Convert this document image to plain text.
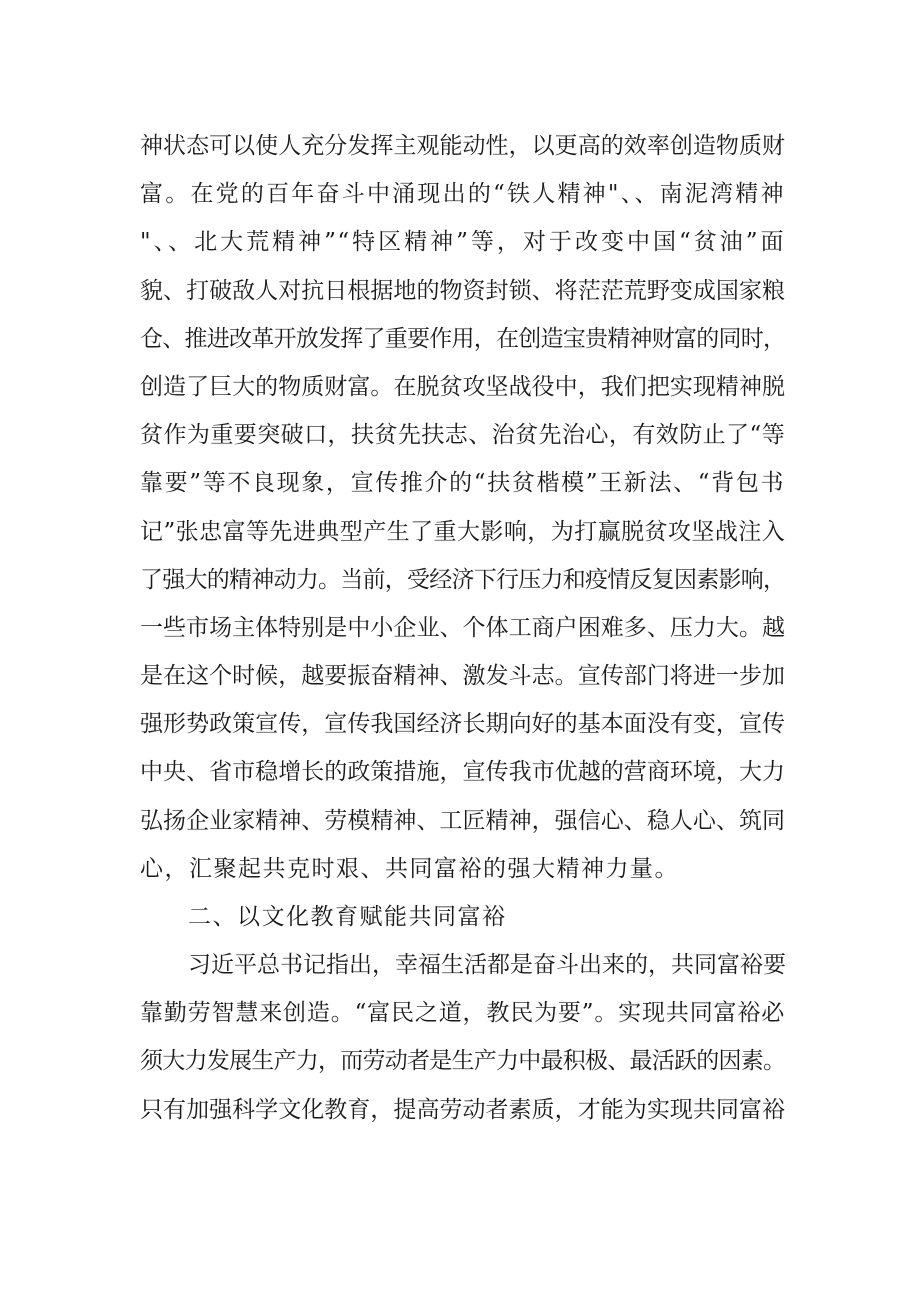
神状态可以使人充分发挥主观能动性，以更高的效率创造物质财
富。在党的百年奋斗中涌现出的“铁人精神"、、南泥湾精神
"、、北大荒精神”“特区精神”等，对于改变中国“贫油”面
貌、打破敌人对抗日根据地的物资封锁、将茫茫荒野变成国家粮
仓、推进改革开放发挥了重要作用，在创造宝贵精神财富的同时，
创造了巨大的物质财富。在脱贫攻坚战役中，我们把实现精神脱
贫作为重要突破口，扶贫先扶志、治贫先治心，有效防止了“等
靠要”等不良现象，宣传推介的“扶贫楷模”王新法、“背包书
记”张忠富等先进典型产生了重大影响，为打赢脱贫攻坚战注入
了强大的精神动力。当前，受经济下行压力和疫情反复因素影响，
一些市场主体特别是中小企业、个体工商户困难多、压力大。越
是在这个时候，越要振奋精神、激发斗志。宣传部门将进一步加
强形势政策宣传，宣传我国经济长期向好的基本面没有变，宣传
中央、省市稳增长的政策措施，宣传我市优越的营商环境，大力
弘扬企业家精神、劳模精神、工匠精神，强信心、稳人心、筑同
心，汇聚起共克时艰、共同富裕的强大精神力量。
二、以文化教育赋能共同富裕
习近平总书记指出，幸福生活都是奋斗出来的，共同富裕要
靠勤劳智慧来创造。“富民之道，教民为要”。实现共同富裕必
须大力发展生产力，而劳动者是生产力中最积极、最活跃的因素。
只有加强科学文化教育，提高劳动者素质，才能为实现共同富裕
